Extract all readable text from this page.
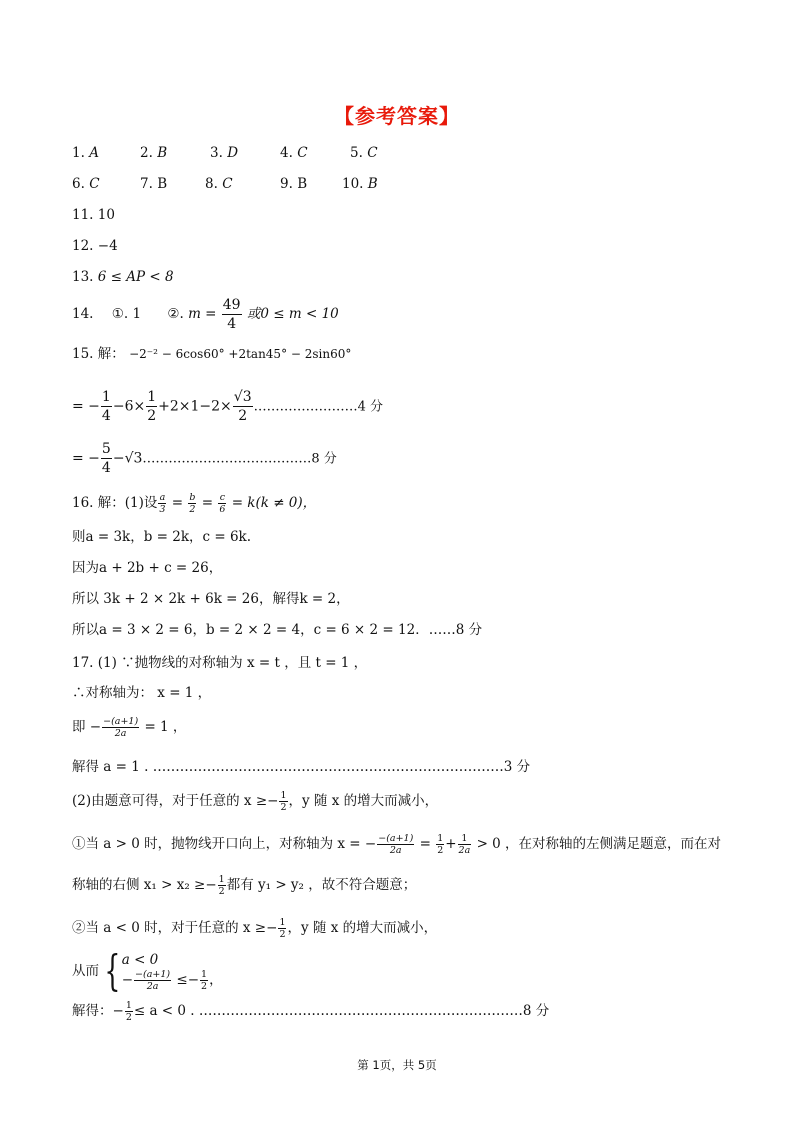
【参考答案】
1. A	2. B	3. D	4. C	5. C
6. C	7. B	8. C	9. B	10. B
11. 10
12. −4
13. 6 ≤ AP < 8
14. ①. 1 ②. $m = \frac{49}{4}$ 或0 ≤ m < 10
15. 解： −2⁻² − 6cos60° +2tan45° − 2sin60°
= − $\frac{1}{4} -6\times \frac{1}{2} +2\times 1-2\times \frac{√3}{2}$ ……………………4 分
= − $\frac{5}{4}$ −√3…………………………………8 分
16. 解：(1)设 $\frac{a}{3} = \frac{b}{2} = \frac{c}{6} = k(k \ne 0)$，
则a = 3k，b = 2k，c = 6k.
因为a + 2b + c = 26，
所以 3k + 2 × 2k + 6k = 26，解得k = 2，
所以a = 3 × 2 = 6，b = 2 × 2 = 4，c = 6 × 2 = 12．……8 分
17. (1) ∵抛物线的对称轴为 x = t ，且 t = 1 ，
∴对称轴为： x = 1 ，
即 − $\frac{-(a+1)}{2a} = 1$ ，
解得 a = 1 . ……………………………………………………………………3 分
(2)由题意可得，对于任意的 $x \ge- \frac{1}{2}$ ，y 随 x 的增大而减小，
①当 a > 0 时，抛物线开口向上，对称轴为 x = − $\frac{-(a+1)}{2a} = \frac{1}{2} + \frac{1}{2a} > 0$ ，在对称轴的左侧满足题意，而在对
称轴的右侧 $x_1 > x_2 \ge- \frac{1}{2}$ 都有 y₁ > y₂ ，故不符合题意；
②当 a < 0 时，对于任意的 $x \ge- \frac{1}{2}$ ，y 随 x 的增大而减小，
从而 { a < 0
− $\frac{-(a+1)}{2a} \le- \frac{1}{2}$ ，
解得：− $\frac{1}{2} \le a < 0$ . ………………………………………………………………8 分
第 1页，共 5页
